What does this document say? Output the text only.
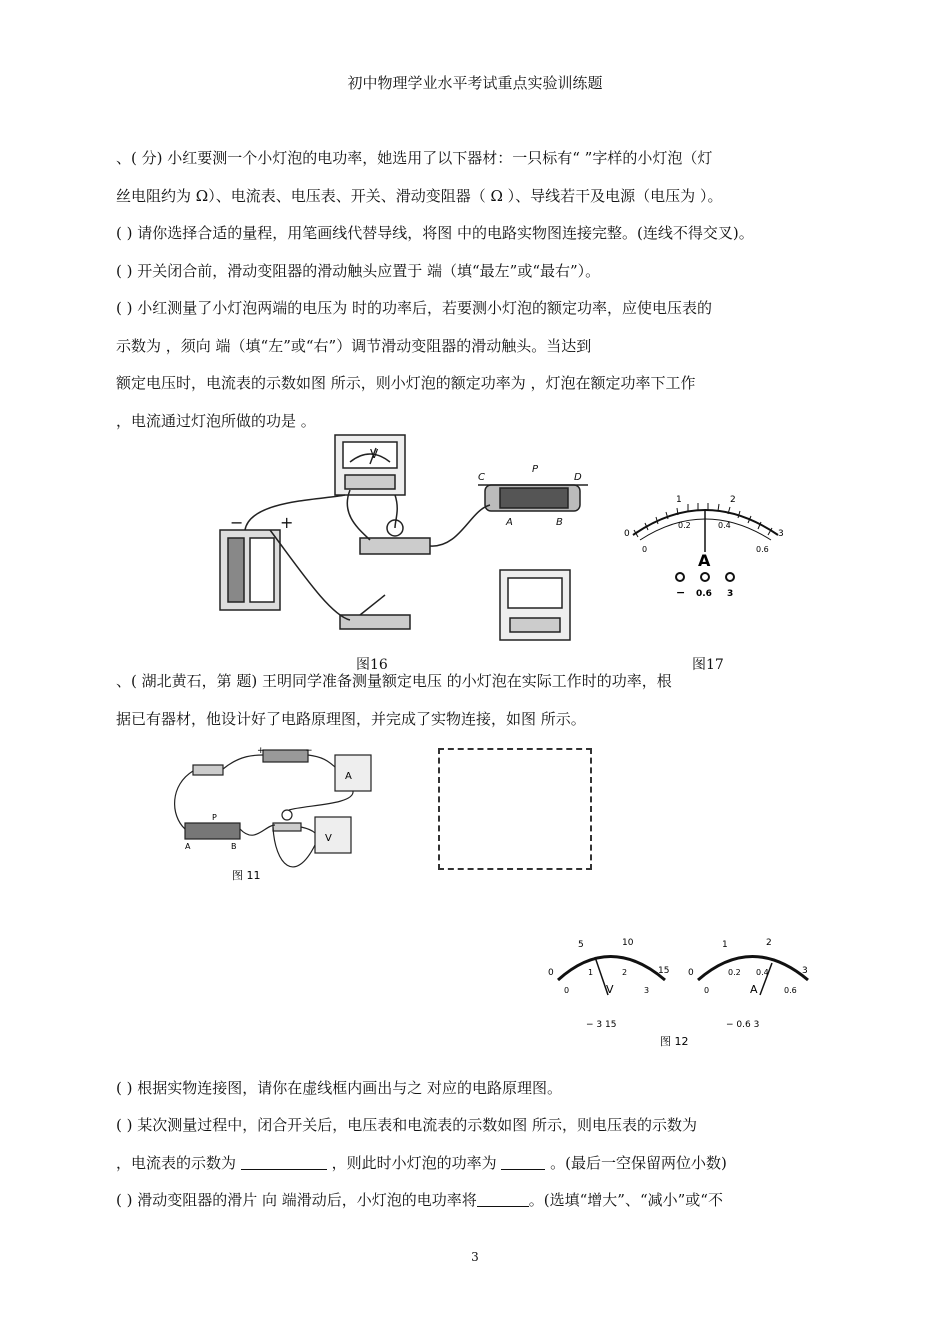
初中物理学业水平考试重点实验训练题
、( 分) 小红要测一个小灯泡的电功率，她选用了以下器材：一只标有“ ”字样的小灯泡（灯
丝电阻约为 Ω）、电流表、电压表、开关、滑动变阻器（ Ω ）、导线若干及电源（电压为 ）。
( ) 请你选择合适的量程，用笔画线代替导线，将图 中的电路实物图连接完整。(连线不得交叉)。
( ) 开关闭合前，滑动变阻器的滑动触头应置于 端（填“最左”或“最右”）。
( ) 小红测量了小灯泡两端的电压为 时的功率后，若要测小灯泡的额定功率，应使电压表的
示数为 ，须向 端（填“左”或“右”）调节滑动变阻器的滑动触头。当达到
额定电压时，电流表的示数如图 所示，则小灯泡的额定功率为 ，灯泡在额定功率下工作
，电流通过灯泡所做的功是 。
− +
C
P
D
A	B
V
图16
0
1	2
3
0
0.2	0.4
0.6
A
− 0.6 3
图17
、( 湖北黄石，第 题) 王明同学准备测量额定电压 的小灯泡在实际工作时的功率，根
据已有器材，他设计好了电路原理图，并完成了实物连接，如图 所示。
A
V
P
A	B
+	−
图 11
0
5	10
15
0
1	2
3
V
− 3 15
0
1	2
3
0
0.2 0.4
0.6
A
− 0.6 3
图 12
( ) 根据实物连接图，请你在虚线框内画出与之 对应的电路原理图。
( ) 某次测量过程中，闭合开关后，电压表和电流表的示数如图 所示，则电压表的示数为
，电流表的示数为	，则此时小灯泡的功率为	。(最后一空保留两位小数)
( ) 滑动变阻器的滑片 向 端滑动后，小灯泡的电功率将	。(选填“增大”、“减小”或“不
3
